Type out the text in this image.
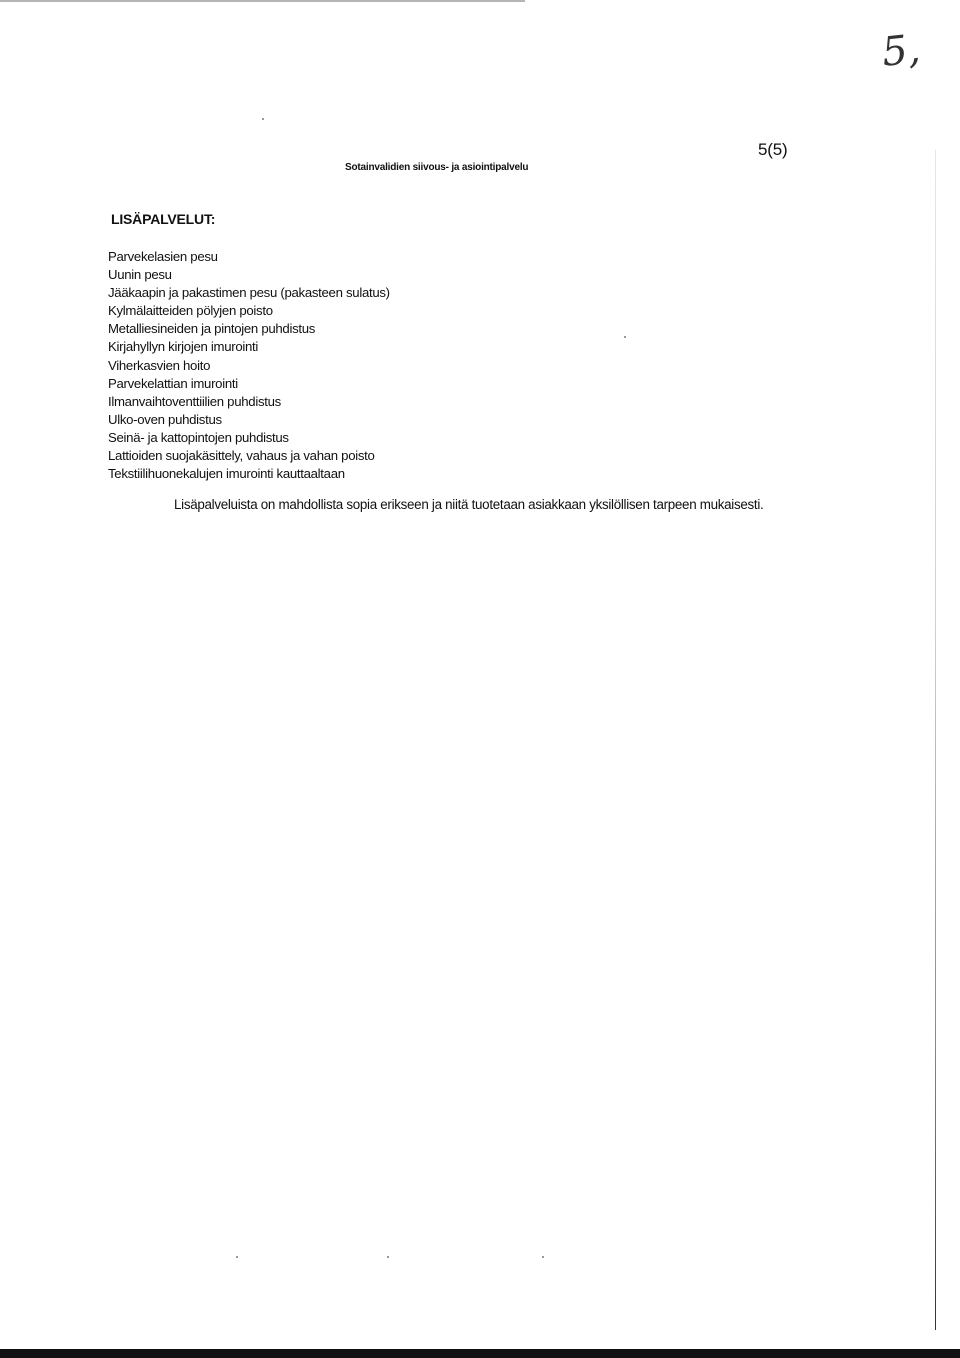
5,
5(5)
Sotainvalidien siivous- ja asiointipalvelu
LISÄPALVELUT:
Parvekelasien pesu
Uunin pesu
Jääkaapin ja pakastimen pesu (pakasteen sulatus)
Kylmälaitteiden pölyjen poisto
Metalliesineiden ja pintojen puhdistus
Kirjahyllyn kirjojen imurointi
Viherkasvien hoito
Parvekelattian imurointi
Ilmanvaihtoventtiilien puhdistus
Ulko-oven puhdistus
Seinä- ja kattopintojen puhdistus
Lattioiden suojakäsittely, vahaus ja vahan poisto
Tekstiilihuonekalujen imurointi kauttaaltaan

Lisäpalveluista on mahdollista sopia erikseen ja niitä tuotetaan asiakkaan yksilöllisen tarpeen mukaisesti.
